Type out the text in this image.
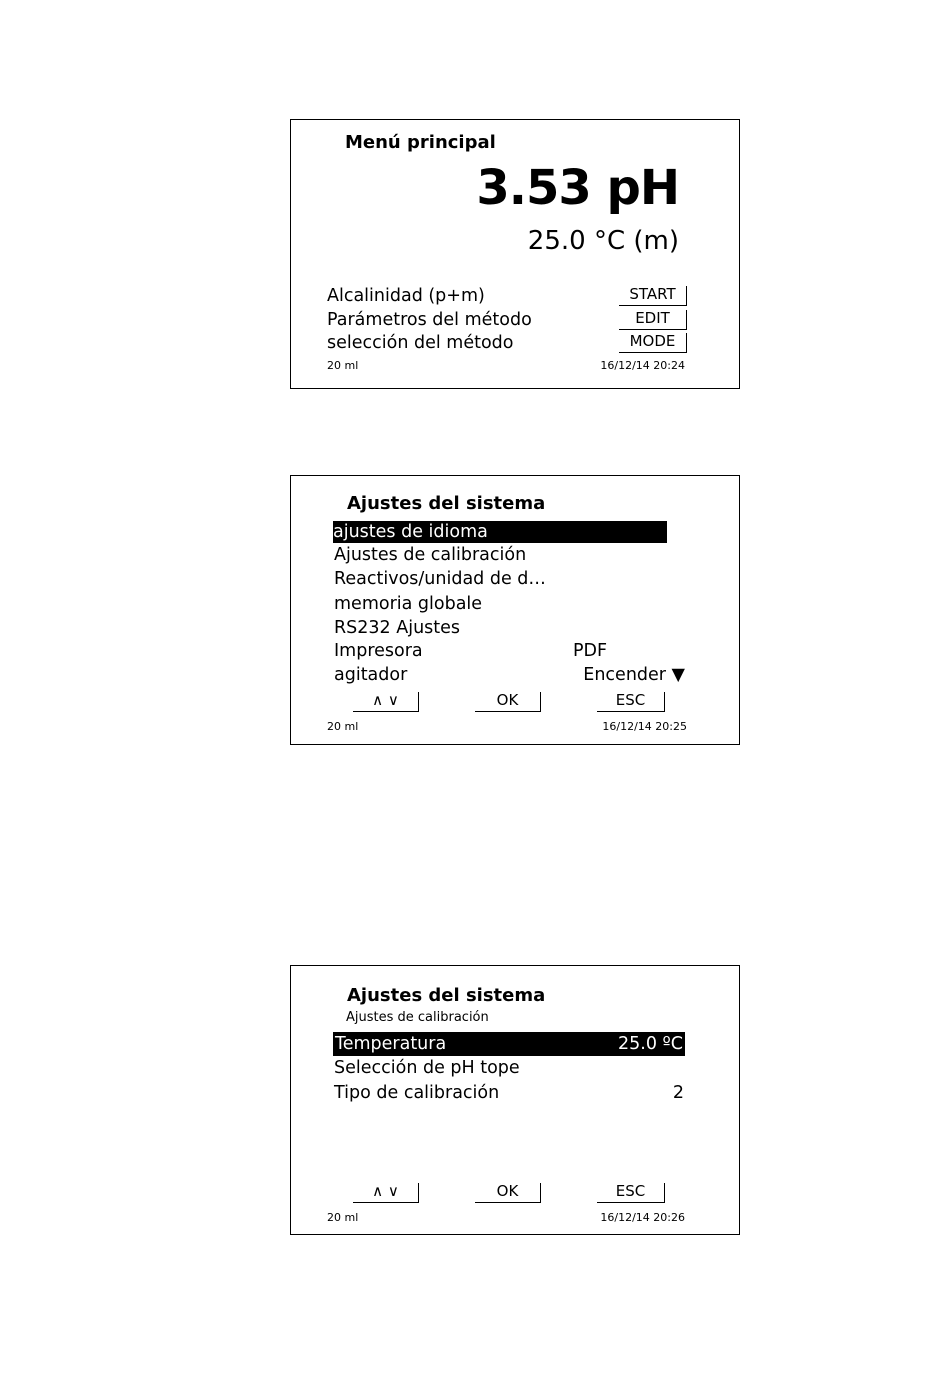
Menú principal
3.53 pH
25.0 °C (m)
Alcalinidad (p+m)
Parámetros del método
selección del método
START
EDIT
MODE
20 ml	16/12/14 20:24
Ajustes del sistema
ajustes de idioma
Ajustes de calibración
Reactivos/unidad de d…
memoria globale
RS232 Ajustes
Impresora	PDF
agitador	Encender ▼
∧ ∨	OK	ESC
20 ml	16/12/14 20:25
Ajustes del sistema
Ajustes de calibración
Temperatura	25.0 ºC
Selección de pH tope
Tipo de calibración	2
∧ ∨	OK	ESC
20 ml	16/12/14 20:26
